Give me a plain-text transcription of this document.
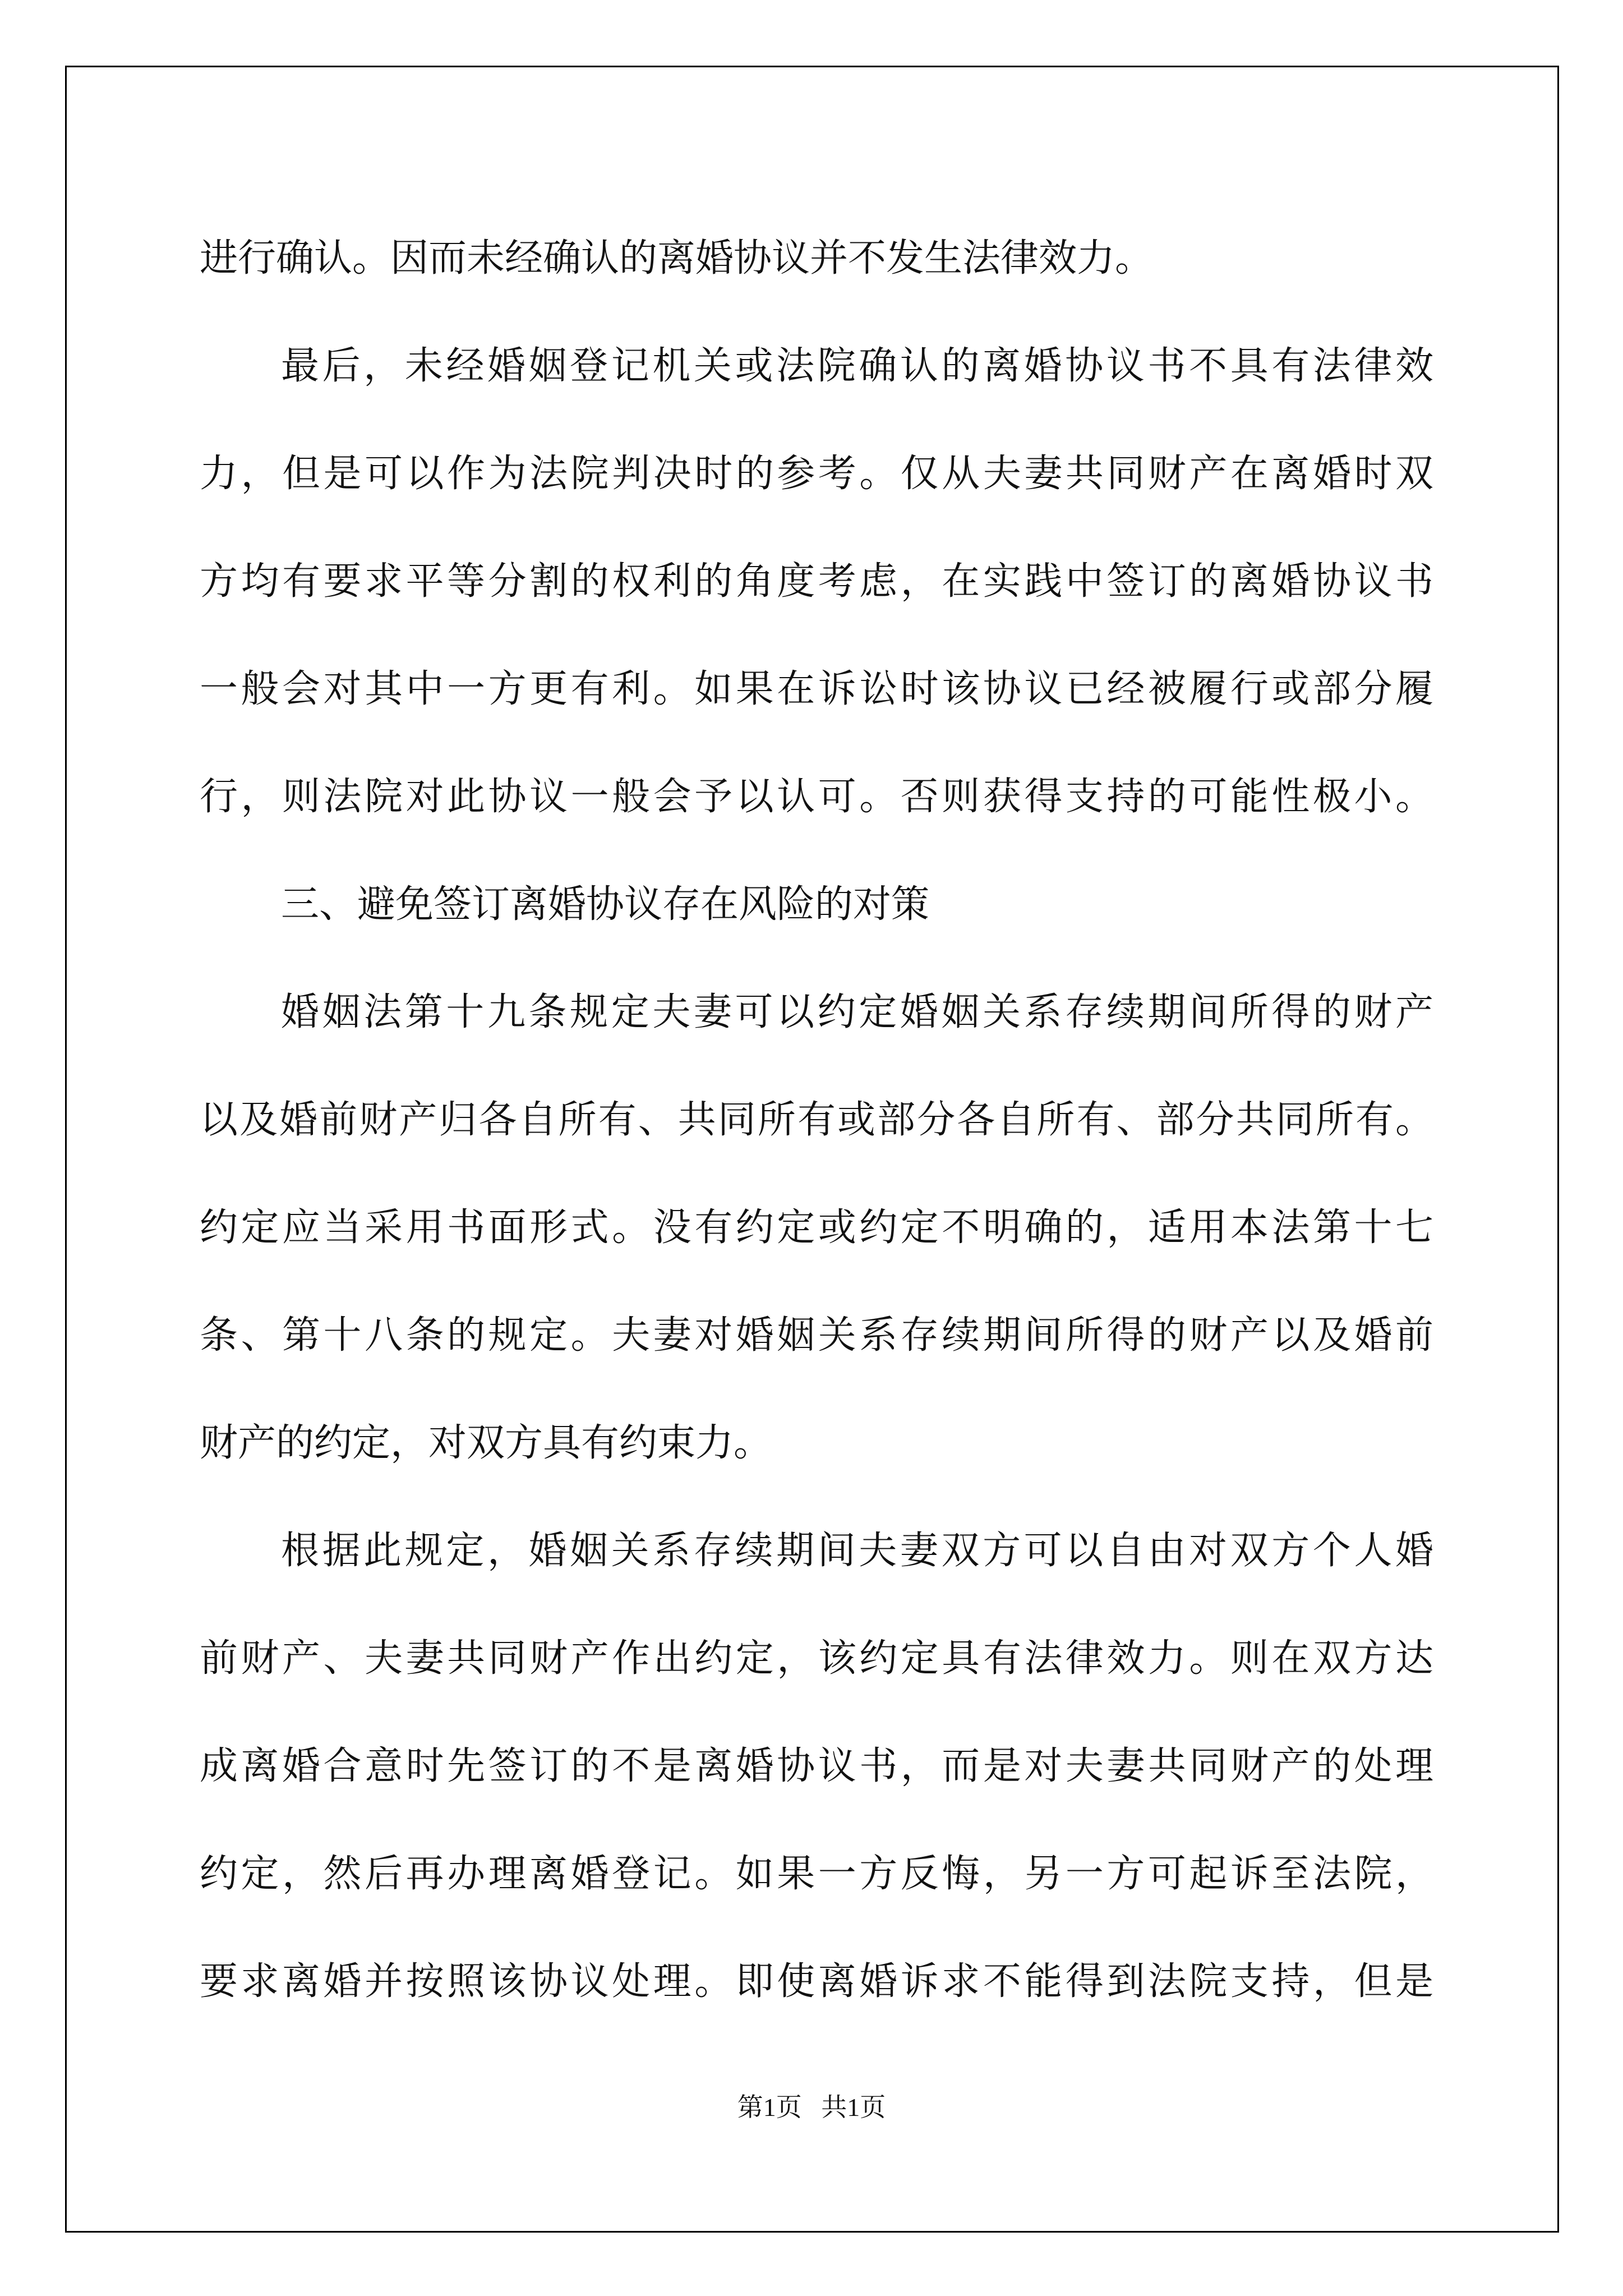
进行确认。因而未经确认的离婚协议并不发生法律效力。

最后，未经婚姻登记机关或法院确认的离婚协议书不具有法律效

力，但是可以作为法院判决时的参考。仅从夫妻共同财产在离婚时双

方均有要求平等分割的权利的角度考虑，在实践中签订的离婚协议书

一般会对其中一方更有利。如果在诉讼时该协议已经被履行或部分履

行，则法院对此协议一般会予以认可。否则获得支持的可能性极小。

三、避免签订离婚协议存在风险的对策

婚姻法第十九条规定夫妻可以约定婚姻关系存续期间所得的财产

以及婚前财产归各自所有、共同所有或部分各自所有、部分共同所有。

约定应当采用书面形式。没有约定或约定不明确的，适用本法第十七

条、第十八条的规定。夫妻对婚姻关系存续期间所得的财产以及婚前

财产的约定，对双方具有约束力。

根据此规定，婚姻关系存续期间夫妻双方可以自由对双方个人婚

前财产、夫妻共同财产作出约定，该约定具有法律效力。则在双方达

成离婚合意时先签订的不是离婚协议书，而是对夫妻共同财产的处理

约定，然后再办理离婚登记。如果一方反悔，另一方可起诉至法院，

要求离婚并按照该协议处理。即使离婚诉求不能得到法院支持，但是

第1页 共1页
